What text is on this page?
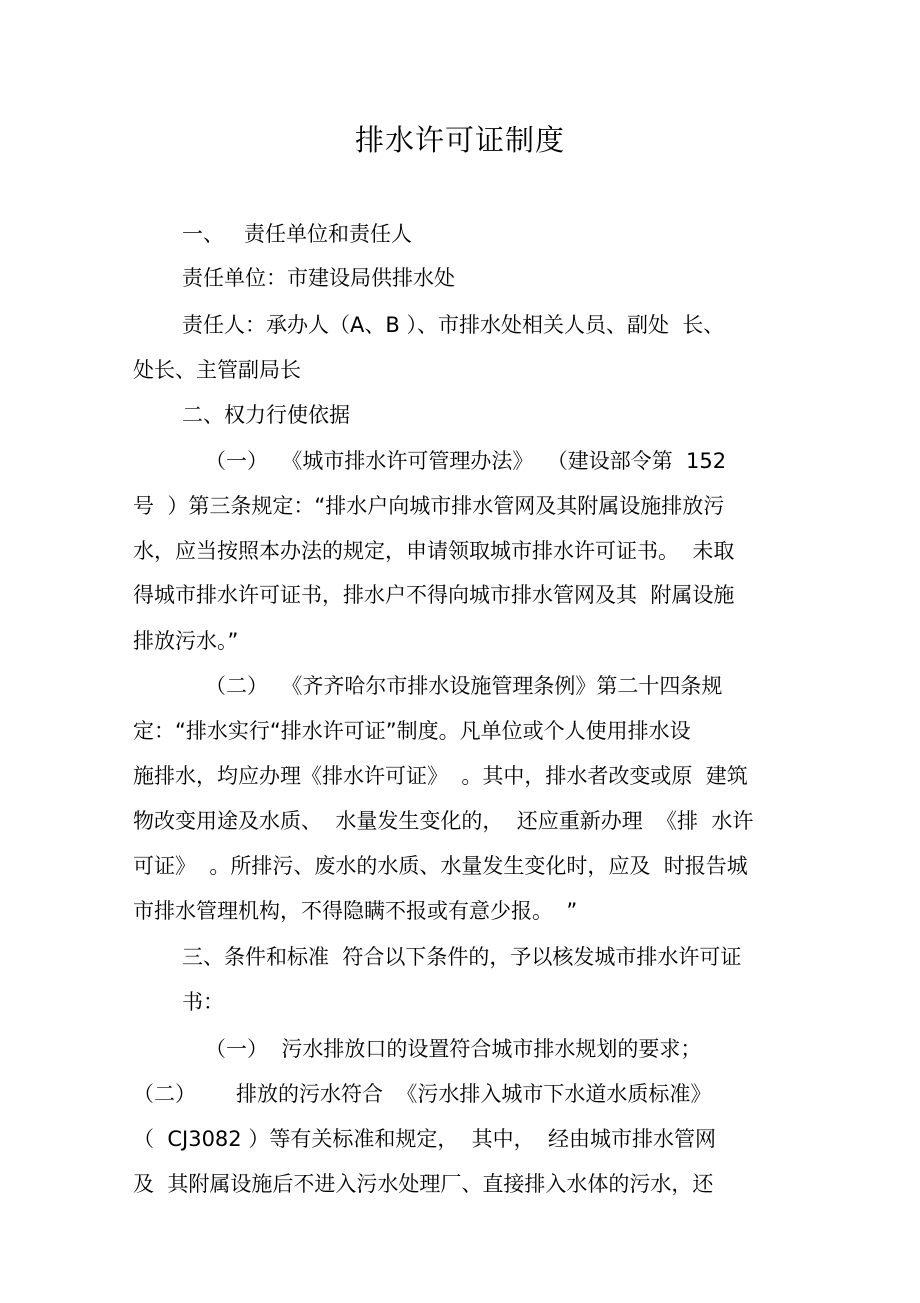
排水许可证制度
一、   责任单位和责任人
责任单位：市建设局供排水处
责任人：承办人（A、B ）、市排水处相关人员、副处  长、
处长、主管副局长
二、权力行使依据
（一）  《城市排水许可管理办法》  （建设部令第  152
号  ）第三条规定：“排水户向城市排水管网及其附属设施排放污
水，应当按照本办法的规定，申请领取城市排水许可证书。  未取
得城市排水许可证书，排水户不得向城市排水管网及其  附属设施
排放污水。”
（二）  《齐齐哈尔市排水设施管理条例》第二十四条规
定：“排水实行“排水许可证”制度。凡单位或个人使用排水设
施排水，均应办理《排水许可证》  。其中，排水者改变或原  建筑
物改变用途及水质、  水量发生变化的，  还应重新办理  《排  水许
可证》  。所排污、废水的水质、水量发生变化时，应及  时报告城
市排水管理机构，不得隐瞒不报或有意少报。  ”
三、条件和标准  符合以下条件的，予以核发城市排水许可证
书：
（一）  污水排放口的设置符合城市排水规划的要求；
（二）      排放的污水符合  《污水排入城市下水道水质标准》
（  CJ3082 ）等有关标准和规定，  其中，  经由城市排水管网
及  其附属设施后不进入污水处理厂、直接排入水体的污水，还
